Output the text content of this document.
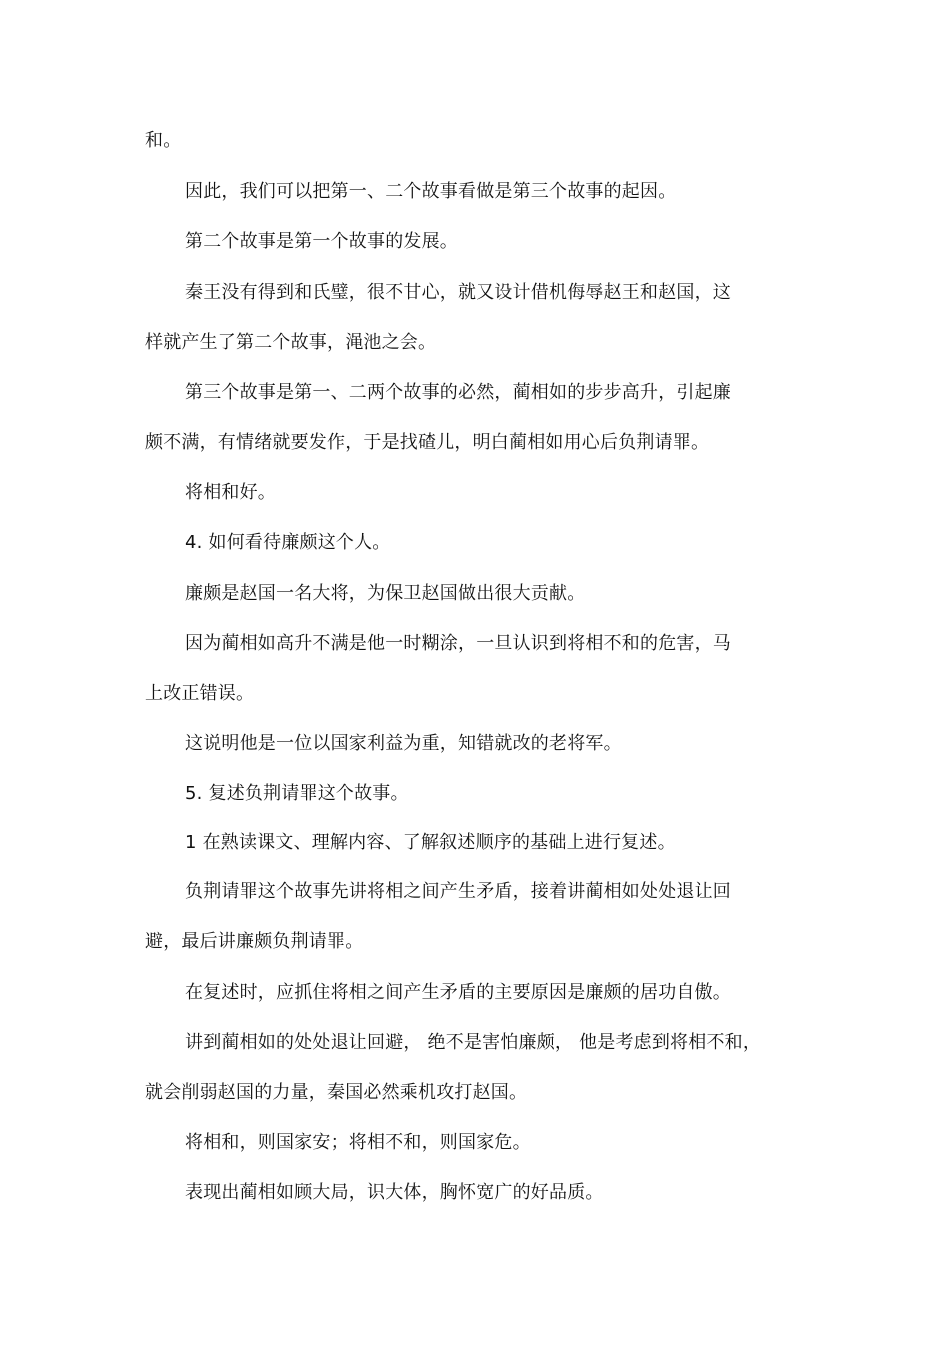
和。
因此，我们可以把第一、二个故事看做是第三个故事的起因。
第二个故事是第一个故事的发展。
秦王没有得到和氏璧，很不甘心，就又设计借机侮辱赵王和赵国，这
样就产生了第二个故事，渑池之会。
第三个故事是第一、二两个故事的必然，蔺相如的步步高升，引起廉
颇不满，有情绪就要发作，于是找碴儿，明白蔺相如用心后负荆请罪。
将相和好。
4. 如何看待廉颇这个人。
廉颇是赵国一名大将，为保卫赵国做出很大贡献。
因为蔺相如高升不满是他一时糊涂，一旦认识到将相不和的危害，马
上改正错误。
这说明他是一位以国家利益为重，知错就改的老将军。
5. 复述负荆请罪这个故事。
1 在熟读课文、理解内容、了解叙述顺序的基础上进行复述。
负荆请罪这个故事先讲将相之间产生矛盾，接着讲蔺相如处处退让回
避，最后讲廉颇负荆请罪。
在复述时，应抓住将相之间产生矛盾的主要原因是廉颇的居功自傲。
讲到蔺相如的处处退让回避， 绝不是害怕廉颇， 他是考虑到将相不和，
就会削弱赵国的力量，秦国必然乘机攻打赵国。
将相和，则国家安；将相不和，则国家危。
表现出蔺相如顾大局，识大体，胸怀宽广的好品质。
